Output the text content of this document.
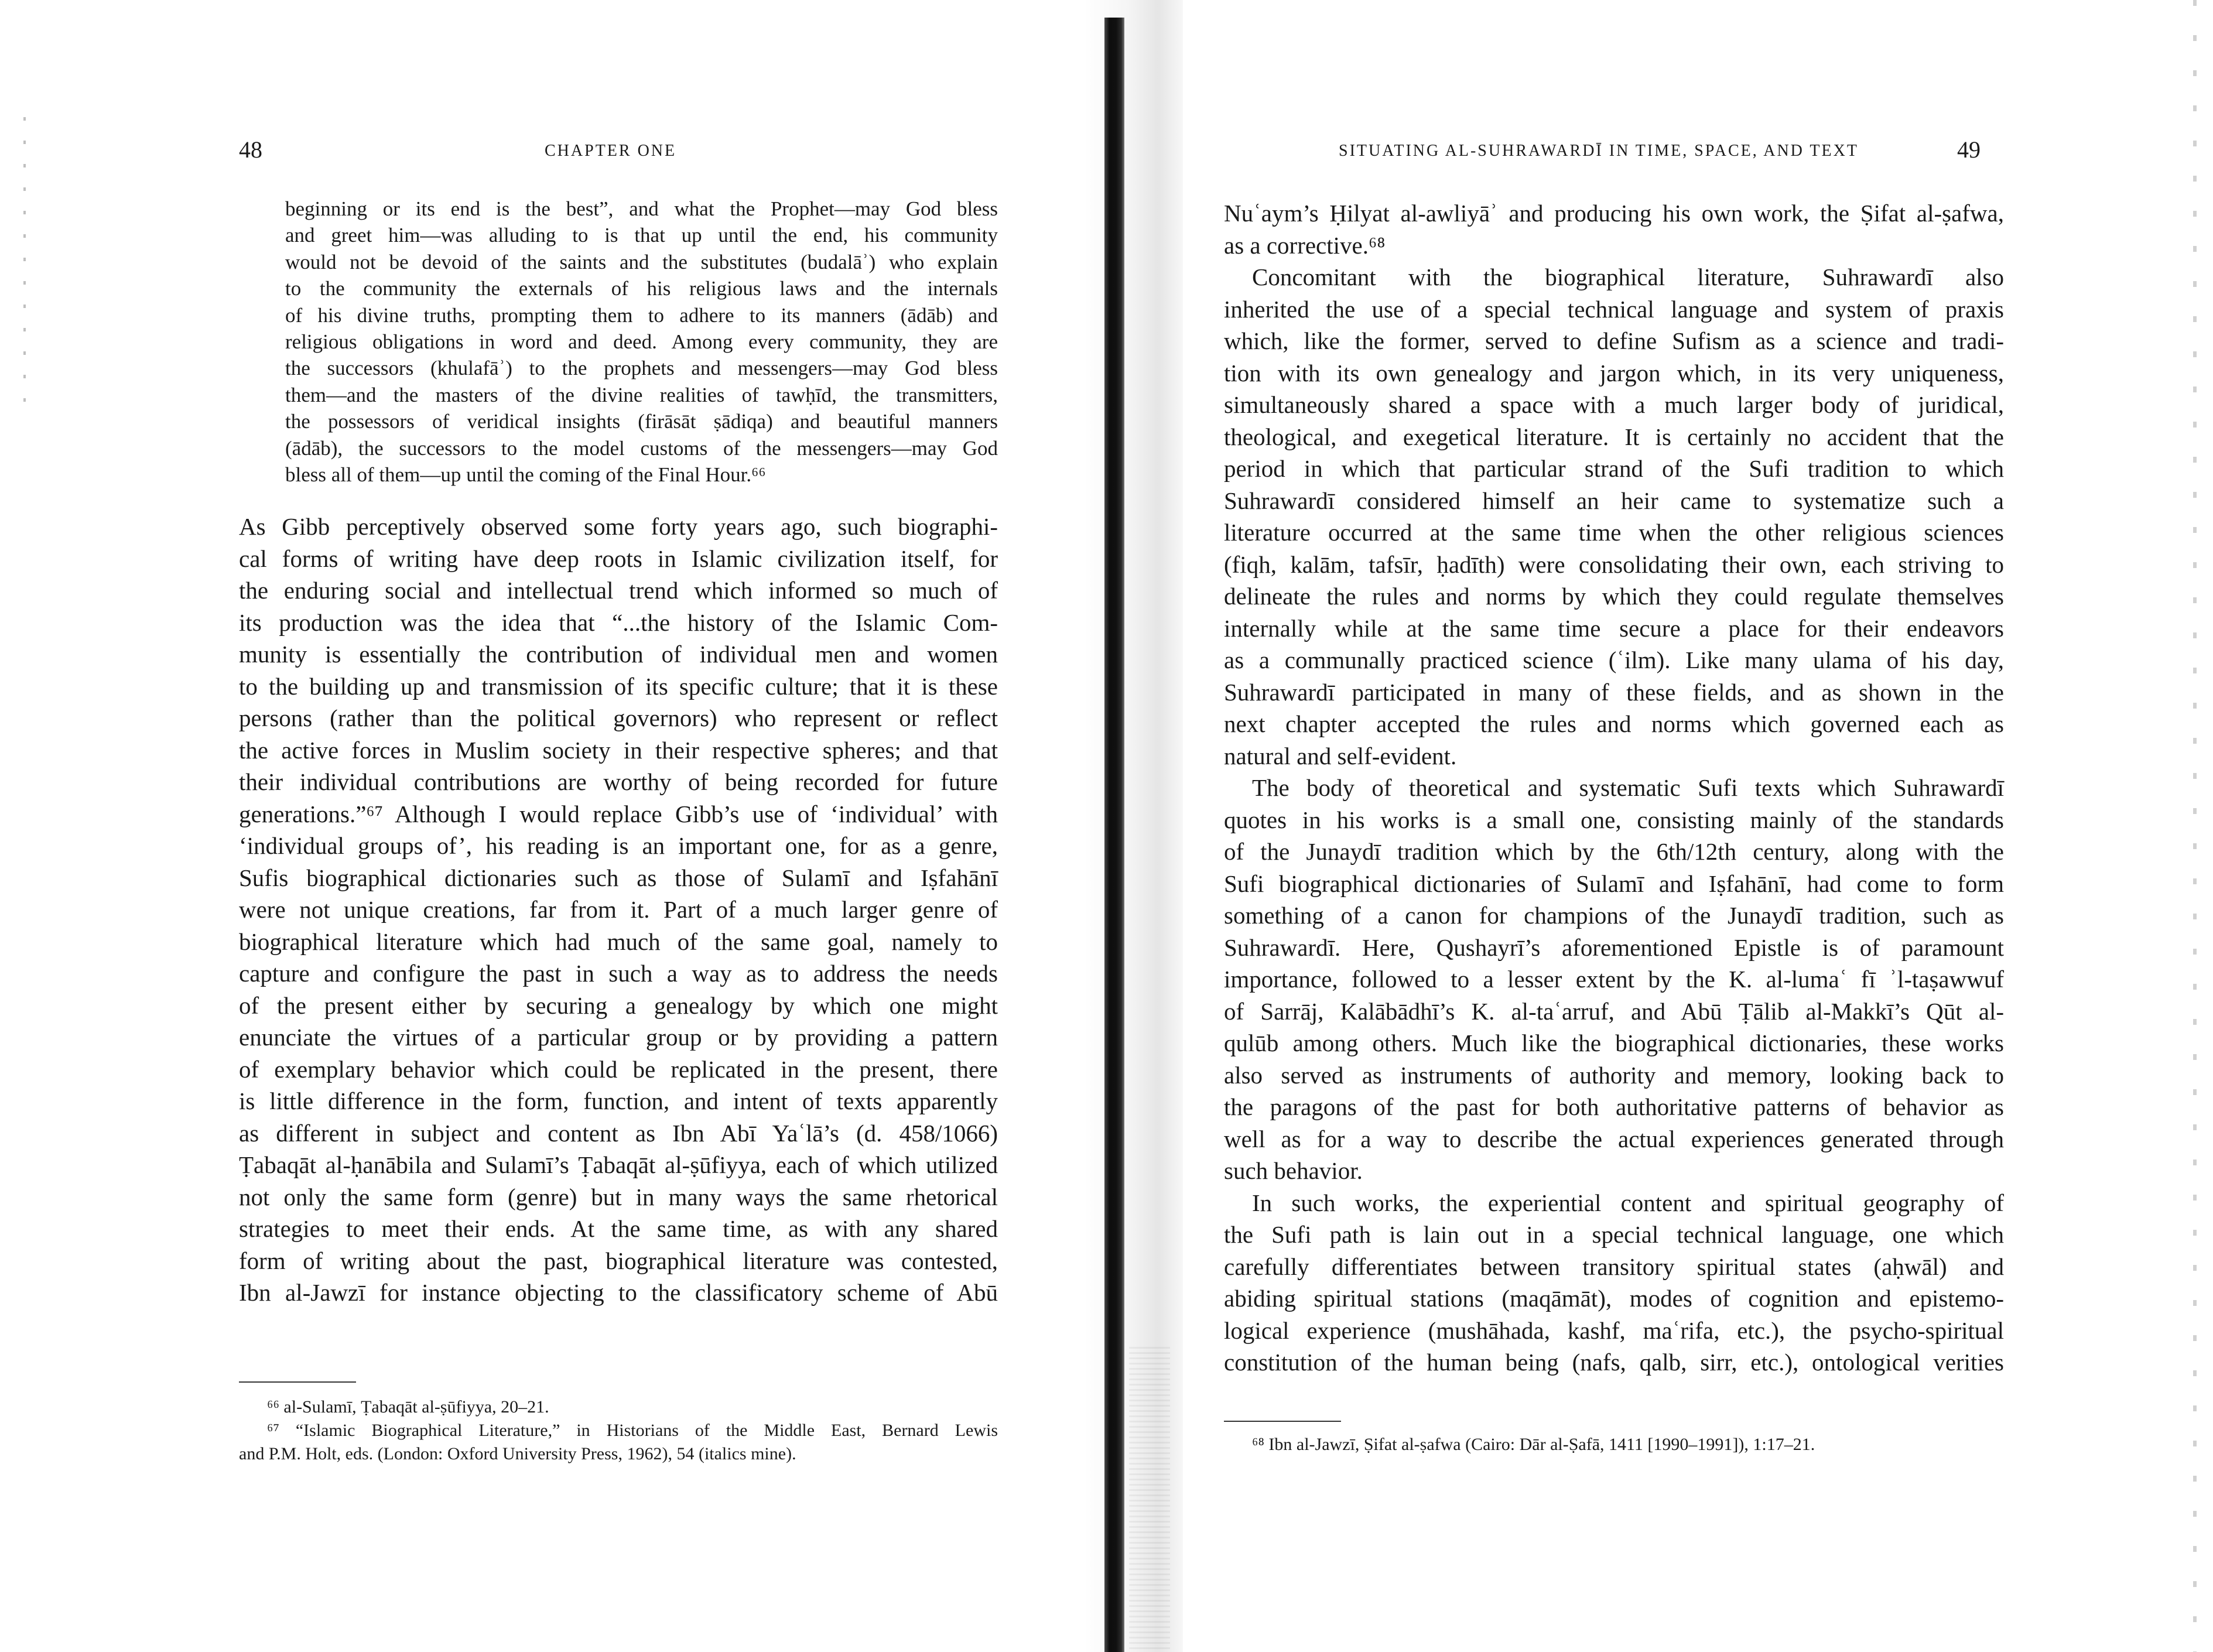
48	CHAPTER ONE
beginning or its end is the best”, and what the Prophet—may God bless
and greet him—was alluding to is that up until the end, his community
would not be devoid of the saints and the substitutes (budalāʾ) who explain
to the community the externals of his religious laws and the internals
of his divine truths, prompting them to adhere to its manners (ādāb) and
religious obligations in word and deed. Among every community, they are
the successors (khulafāʾ) to the prophets and messengers—may God bless
them—and the masters of the divine realities of tawḥīd, the transmitters,
the possessors of veridical insights (firāsāt ṣādiqa) and beautiful manners
(ādāb), the successors to the model customs of the messengers—may God
bless all of them—up until the coming of the Final Hour.⁶⁶
As Gibb perceptively observed some forty years ago, such biographi-
cal forms of writing have deep roots in Islamic civilization itself, for
the enduring social and intellectual trend which informed so much of
its production was the idea that “...the history of the Islamic Com-
munity is essentially the contribution of individual men and women
to the building up and transmission of its specific culture; that it is these
persons (rather than the political governors) who represent or reflect
the active forces in Muslim society in their respective spheres; and that
their individual contributions are worthy of being recorded for future
generations.”⁶⁷ Although I would replace Gibb’s use of ‘individual’ with
‘individual groups of’, his reading is an important one, for as a genre,
Sufis biographical dictionaries such as those of Sulamī and Iṣfahānī
were not unique creations, far from it. Part of a much larger genre of
biographical literature which had much of the same goal, namely to
capture and configure the past in such a way as to address the needs
of the present either by securing a genealogy by which one might
enunciate the virtues of a particular group or by providing a pattern
of exemplary behavior which could be replicated in the present, there
is little difference in the form, function, and intent of texts apparently
as different in subject and content as Ibn Abī Yaʿlā’s (d. 458/1066)
Ṭabaqāt al-ḥanābila and Sulamī’s Ṭabaqāt al-ṣūfiyya, each of which utilized
not only the same form (genre) but in many ways the same rhetorical
strategies to meet their ends. At the same time, as with any shared
form of writing about the past, biographical literature was contested,
Ibn al-Jawzī for instance objecting to the classificatory scheme of Abū
⁶⁶ al-Sulamī, Ṭabaqāt al-ṣūfiyya, 20–21.
⁶⁷ “Islamic Biographical Literature,” in Historians of the Middle East, Bernard Lewis
and P.M. Holt, eds. (London: Oxford University Press, 1962), 54 (italics mine).
SITUATING AL-SUHRAWARDĪ IN TIME, SPACE, AND TEXT	49
Nuʿaym’s Ḥilyat al-awliyāʾ and producing his own work, the Ṣifat al-ṣafwa,
as a corrective.⁶⁸
Concomitant with the biographical literature, Suhrawardī also
inherited the use of a special technical language and system of praxis
which, like the former, served to define Sufism as a science and tradi-
tion with its own genealogy and jargon which, in its very uniqueness,
simultaneously shared a space with a much larger body of juridical,
theological, and exegetical literature. It is certainly no accident that the
period in which that particular strand of the Sufi tradition to which
Suhrawardī considered himself an heir came to systematize such a
literature occurred at the same time when the other religious sciences
(fiqh, kalām, tafsīr, ḥadīth) were consolidating their own, each striving to
delineate the rules and norms by which they could regulate themselves
internally while at the same time secure a place for their endeavors
as a communally practiced science (ʿilm). Like many ulama of his day,
Suhrawardī participated in many of these fields, and as shown in the
next chapter accepted the rules and norms which governed each as
natural and self-evident.
The body of theoretical and systematic Sufi texts which Suhrawardī
quotes in his works is a small one, consisting mainly of the standards
of the Junaydī tradition which by the 6th/12th century, along with the
Sufi biographical dictionaries of Sulamī and Iṣfahānī, had come to form
something of a canon for champions of the Junaydī tradition, such as
Suhrawardī. Here, Qushayrī’s aforementioned Epistle is of paramount
importance, followed to a lesser extent by the K. al-lumaʿ fī ʾl-taṣawwuf
of Sarrāj, Kalābādhī’s K. al-taʿarruf, and Abū Ṭālib al-Makkī’s Qūt al-
qulūb among others. Much like the biographical dictionaries, these works
also served as instruments of authority and memory, looking back to
the paragons of the past for both authoritative patterns of behavior as
well as for a way to describe the actual experiences generated through
such behavior.
In such works, the experiential content and spiritual geography of
the Sufi path is lain out in a special technical language, one which
carefully differentiates between transitory spiritual states (aḥwāl) and
abiding spiritual stations (maqāmāt), modes of cognition and epistemo-
logical experience (mushāhada, kashf, maʿrifa, etc.), the psycho-spiritual
constitution of the human being (nafs, qalb, sirr, etc.), ontological verities
⁶⁸ Ibn al-Jawzī, Ṣifat al-ṣafwa (Cairo: Dār al-Ṣafā, 1411 [1990–1991]), 1:17–21.
